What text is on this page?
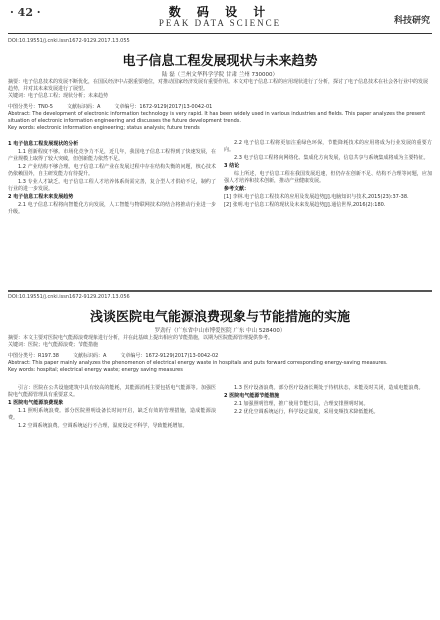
· 42 ·	数 码 设 计
PEAK DATA SCIENCE	科技研究
DOI:10.19551/j.cnki.issn1672-9129.2017.13.055
电子信息工程发展现状与未来趋势
陆 磊（兰州文华科学学院 甘肃 兰州 730000）
摘要：电子信息技术的发展不断优化，在国民经济中占据重要地位，对推动国家经济发展有重要作用。本文对电子信息工程的应用现状进行了分析，探讨了电子信息技术在社会各行业中的发展趋势，并对其未来发展进行了展望。
关键词：电子信息工程；现状分析；未来趋势
中图分类号：TN0-5	文献标识码：A	文章编号：1672-9129(2017)13-0042-01
Abstract: The development of electronic information technology is very rapid. It has been widely used in various industries and fields. This paper analyzes the present situation of electronic information engineering and discusses the future development trends.
Key words: electronic information engineering; status analysis; future trends
1 电子信息工程发展现状的分析

1.1 创新程度不够。市场化竞争力不足，近几年，我国电子信息工程得到了快速发展，在产业规模上取得了较大突破，但创新能力依然不足。

1.2 产业结构不够合理。电子信息工程产业在发展过程中存在结构失衡的问题，核心技术仍依赖国外，自主研发能力有待提升。

1.3 专业人才缺乏。电子信息工程人才培养体系尚需完善，复合型人才供给不足，制约了行业的进一步发展。

2 电子信息工程未来发展趋势

2.1 电子信息工程将向智能化方向发展，人工智能与物联网技术的结合将推动行业进一步升级。

2.2 电子信息工程将更加注重绿色环保，节能降耗技术的应用将成为行业发展的重要方向。

2.3 电子信息工程将向网络化、集成化方向发展，信息共享与系统集成将成为主要特征。

3 结论

综上所述，电子信息工程在我国发展迅速，但仍存在创新不足、结构不合理等问题，应加强人才培养和技术创新，推动产业健康发展。

参考文献：

[1] 李林.电子信息工程技术的应用及发展趋势[J].电脑知识与技术,2015(23):37-38.

[2] 张明.电子信息工程的现状及未来发展趋势[J].通信世界,2016(2):180.

DOI:10.19551/j.cnki.issn1672-9129.2017.13.056
浅谈医院电气能源浪费现象与节能措施的实施
罗劲行（广东省中山市博爱医院 广东 中山 528400）
摘要：本文主要对医院电气能源浪费现象进行分析，并在此基础上提出相应的节能措施，以期为医院能源管理提供参考。
关键词：医院；电气能源浪费；节能措施
中图分类号：R197.38	文献标识码：A	文章编号：1672-9129(2017)13-0042-02
Abstract: This paper mainly analyzes the phenomenon of electrical energy waste in hospitals and puts forward corresponding energy-saving measures.
Key words: hospital; electrical energy waste; energy saving measures

引言：医院在公共设施建筑中具有较高的能耗，其能源消耗主要包括电气能源等。加强医院电气能源管理具有重要意义。

1 医院电气能源浪费现象

1.1 照明系统浪费。部分医院照明设备长时间开启，缺乏有效的管理措施，造成能源浪费。

1.2 空调系统浪费。空调系统运行不合理，温度设定不科学，导致能耗增加。

1.3 医疗设备浪费。部分医疗设备长期处于待机状态，未能及时关闭，造成电能浪费。

2 医院电气能源节能措施

2.1 加强照明管理，推广使用节能灯具，合理安排照明时间。

2.2 优化空调系统运行，科学设定温度，采用变频技术降低能耗。
